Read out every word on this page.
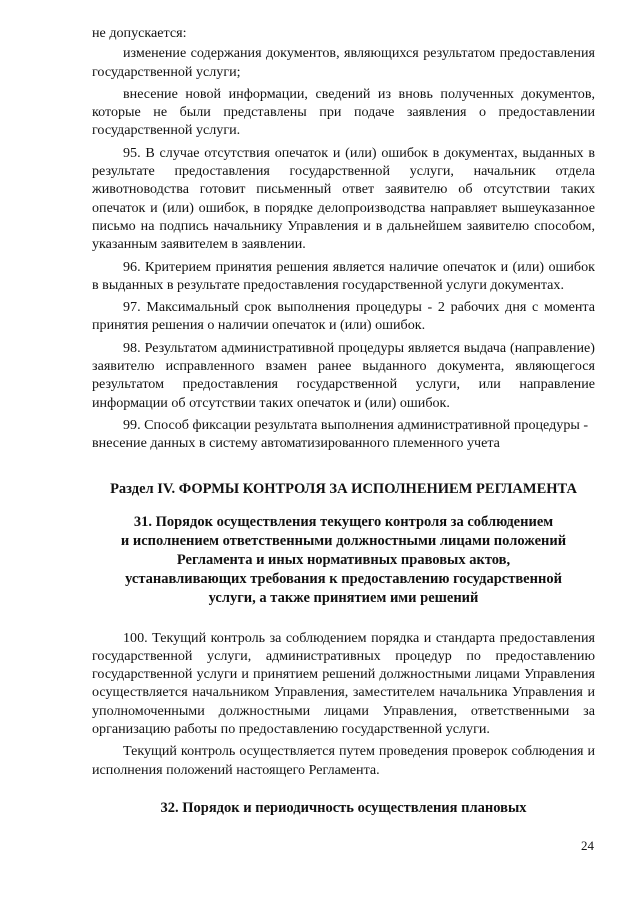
не допускается:

изменение содержания документов, являющихся результатом предоставления государственной услуги;

внесение новой информации, сведений из вновь полученных документов, которые не были представлены при подаче заявления о предоставлении государственной услуги.

95. В случае отсутствия опечаток и (или) ошибок в документах, выданных в результате предоставления государственной услуги, начальник отдела животноводства готовит письменный ответ заявителю об отсутствии таких опечаток и (или) ошибок, в порядке делопроизводства направляет вышеуказанное письмо на подпись начальнику Управления и в дальнейшем заявителю способом, указанным заявителем в заявлении.

96. Критерием принятия решения является наличие опечаток и (или) ошибок в выданных в результате предоставления государственной услуги документах.

97. Максимальный срок выполнения процедуры - 2 рабочих дня с момента принятия решения о наличии опечаток и (или) ошибок.

98. Результатом административной процедуры является выдача (направление) заявителю исправленного взамен ранее выданного документа, являющегося результатом предоставления государственной услуги, или направление информации об отсутствии таких опечаток и (или) ошибок.

99. Способ фиксации результата выполнения административной процедуры - внесение данных в систему автоматизированного племенного учета

Раздел IV. ФОРМЫ КОНТРОЛЯ ЗА ИСПОЛНЕНИЕМ РЕГЛАМЕНТА
31. Порядок осуществления текущего контроля за соблюдением
и исполнением ответственными должностными лицами положений
Регламента и иных нормативных правовых актов,
устанавливающих требования к предоставлению государственной
услуги, а также принятием ими решений

100. Текущий контроль за соблюдением порядка и стандарта предоставления государственной услуги, административных процедур по предоставлению государственной услуги и принятием решений должностными лицами Управления осуществляется начальником Управления, заместителем начальника Управления и уполномоченными должностными лицами Управления, ответственными за организацию работы по предоставлению государственной услуги.

Текущий контроль осуществляется путем проведения проверок соблюдения и исполнения положений настоящего Регламента.

32. Порядок и периодичность осуществления плановых
24
